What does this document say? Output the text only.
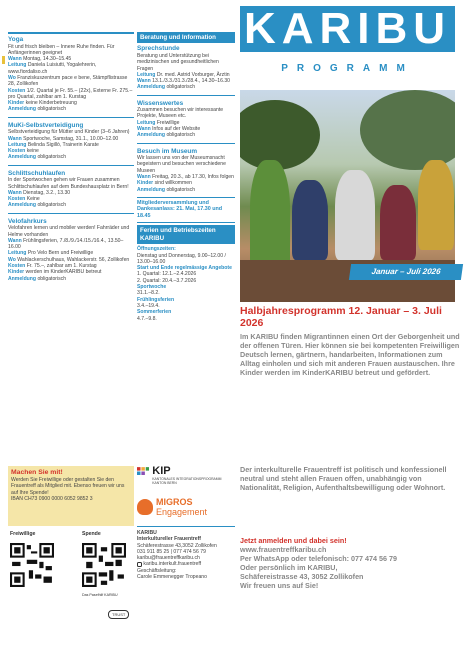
Yoga
Fit und frisch bleiben – Innere Ruhe finden. Für Anfängerinnen geeignet
Wann Montag, 14.30–15.45
Leitung Daniela Luisiutti, Yogalehrerin, www.fiordaliso.ch
Wo Franziskuszentrum pace e bene, Stämpflistrasse 28, Zollikofen
Kosten 1/2. Quartal je Fr. 55.– (22x), Externe Fr. 275.– pro Quartal, zahlbar am 1. Kurstag
Kinder keine Kinderbetreuung
Anmeldung obligatorisch
MuKi-Selbstverteidigung
Selbstverteidigung für Mütter und Kinder (3–6 Jahren)
Wann Sportwoche, Samstag, 31.1., 10.00–12.00
Leitung Belinda Sigillò, Trainerin Karate
Kosten keine
Anmeldung obligatorisch
Schlittschuhlaufen
In der Sportwochen gehen wir Frauen zusammen Schlittschuhlaufen auf dem Bundeshausplatz in Bern!
Wann Dienstag, 3.2., 13.30
Kosten Keine
Anmeldung obligatorisch
Velofahrkurs
Velofahren lernen und mobiler werden! Fahrräder und Helme vorhanden
Wann Frühlingsferien, 7./8./9./14./15./16.4., 13.50–16.00
Leitung Pro Velo Bern und Freiwillige
Wo Wahlackerschulhaus, Wahlackerstr. 56, Zollikofen
Kosten Fr. 75.–, zahlbar am 1. Kurstag
Kinder werden im KinderKARIBU betreut
Anmeldung obligatorisch
Beratung und Information
Sprechstunde
Beratung und Unterstützung bei medizinischen und gesundheitlichen Fragen
Leitung Dr. med. Astrid Vorburger, Ärztin
Wann 13.1./3.3./31.3./28.4., 14.30–16.30
Anmeldung obligatorisch
Wissenswertes
Zusammen besuchen wir interessante Projekte, Museen etc.
Leitung Freiwillige
Wann Infos auf der Website
Anmeldung obligatorisch
Besuch im Museum
Wir lassen uns von der Museumsnacht begeistern und besuchen verschiedene Museen
Wann Freitag, 20.3., ab 17.30, Infos folgen
Kinder sind willkommen
Anmeldung obligatorisch
Mitgliederversammlung und Dankesanlass: 21. Mai, 17.30 und 18.45
Ferien und Betriebszeiten KARIBU
Öffnungszeiten:
Dienstag und Donnerstag, 9.00–12.00 / 13.00–16.00
Start und Ende regelmässige Angebote
1. Quartal: 12.1.–2.4.2026
2. Quartal: 20.4.–3.7.2026
Sportwoche
31.1.–8.2.
Frühlingsferien
3.4.–19.4.
Sommerferien
4.7.–9.8.
Machen Sie mit!
Werden Sie Freiwillige oder gestalten Sie den Frauentreff als Mitglied mit. Ebenso freuen wir uns auf Ihre Spende!
IBAN CH73 0900 0000 6052 9852 3
Freiwillige	Spende
Das Pasefhilf KARIBU
TRUST
KIP
KANTONALES INTEGRATIONSPROGRAMM KANTON BERN
MIGROS
Engagement
KARIBU
Interkultureller Frauentreff
Schäferestrasse 43,3052 Zollikofen
031 911 85 25 | 077 474 56 79
karibu@frauentreffkaribu.ch
karibu.interkult.frauentreff
Geschäftsleitung:
Carole Emmenegger Tropeano
KARIBU
PROGRAMM
Januar – Juli 2026
Halbjahresprogramm 12. Januar – 3. Juli 2026
Im KARIBU finden Migrantinnen einen Ort der Geborgenheit und der offenen Türen. Hier können sie bei kompetenten Freiwilligen Deutsch lernen, gärtnern, handarbeiten, Informationen zum Alltag einholen und sich mit anderen Frauen austauschen. Ihre Kinder werden im KinderKARIBU betreut und gefördert.
Der interkulturelle Frauentreff ist politisch und konfessionell neutral und steht allen Frauen offen, unabhängig von Nationalität, Religion, Aufenthaltsbewilligung oder Wohnort.
Jetzt anmelden und dabei sein!
www.frauentreffkaribu.ch
Per WhatsApp oder telefonisch: 077 474 56 79
Oder persönlich im KARIBU,
Schäfereistrasse 43, 3052 Zollikofen
Wir freuen uns auf Sie!
